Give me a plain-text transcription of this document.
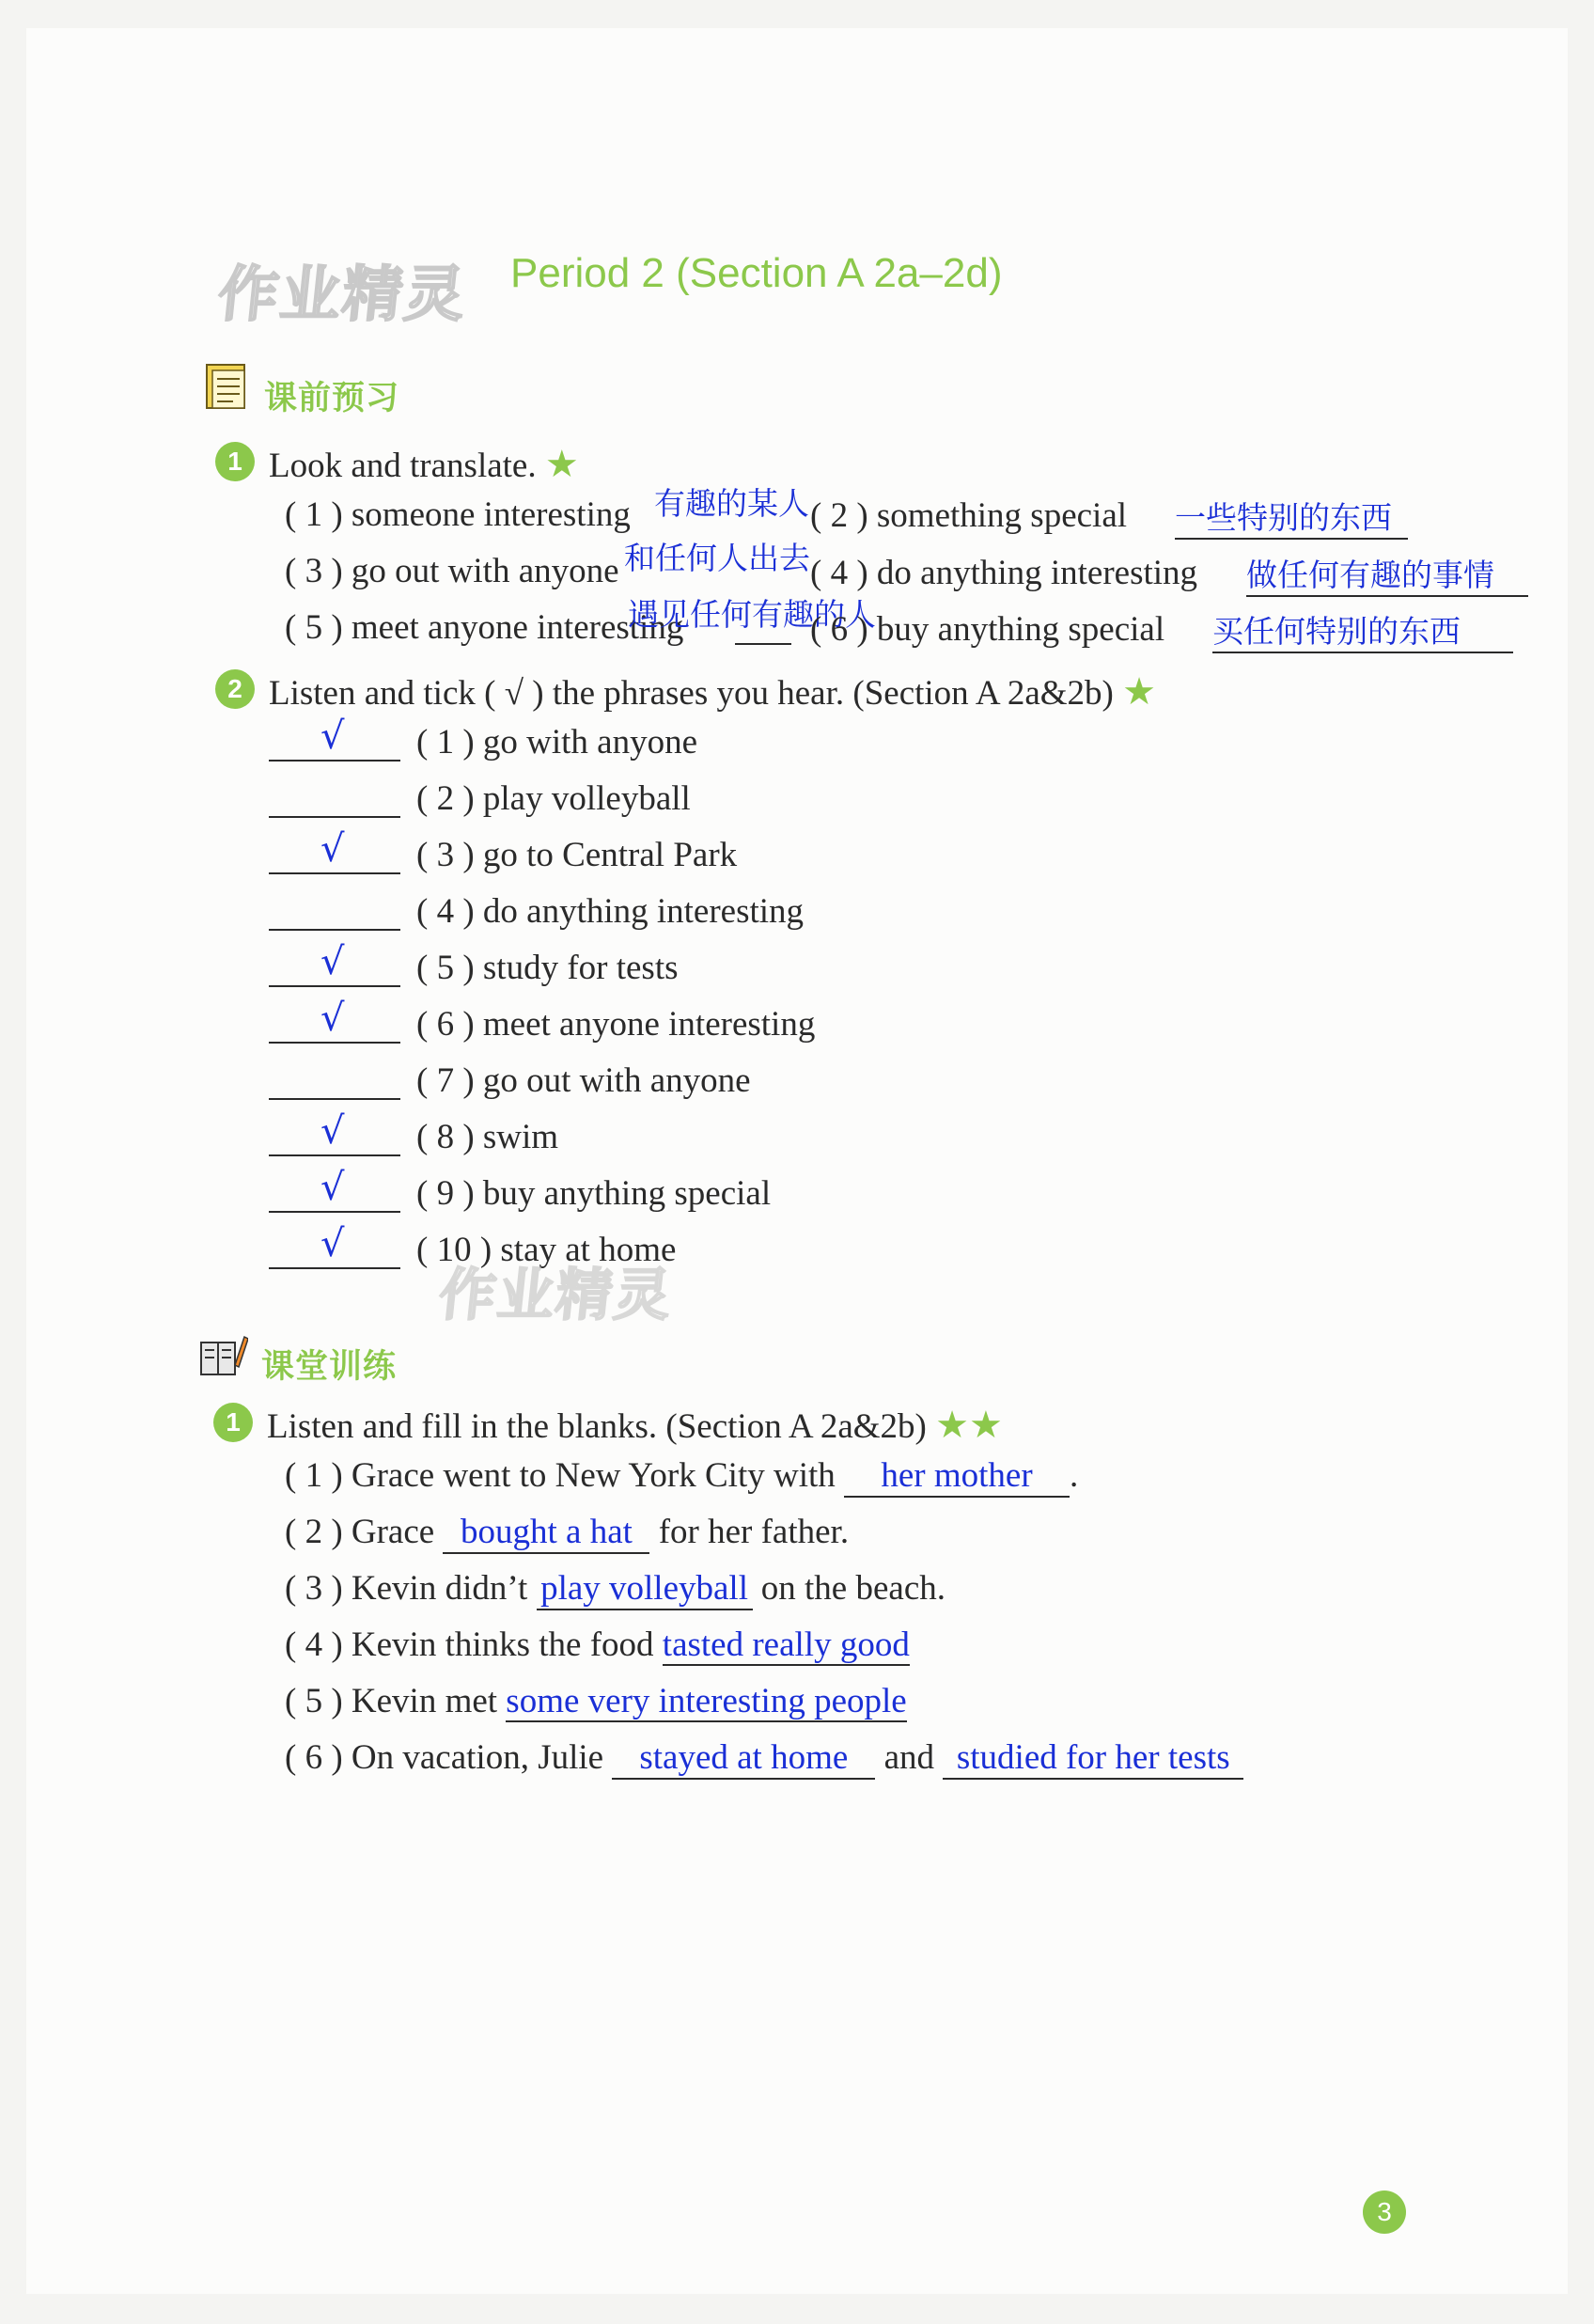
作业精灵 Period 2 (Section A 2a–2d)
课前预习
1 Look and translate. ★
( 1 ) someone interesting 有趣的某人 ( 2 ) something special 一些特别的东西
( 3 ) go out with anyone 和任何人出去 ( 4 ) do anything interesting 做任何有趣的事情
( 5 ) meet anyone interesting
遇见任何有趣的人
( 6 ) buy anything special 买任何特别的东西
2 Listen and tick ( √ ) the phrases you hear. (Section A 2a&2b) ★
√ ( 1 ) go with anyone
( 2 ) play volleyball
√ ( 3 ) go to Central Park
( 4 ) do anything interesting
√ ( 5 ) study for tests
√ ( 6 ) meet anyone interesting
( 7 ) go out with anyone
√ ( 8 ) swim
√ ( 9 ) buy anything special
√ ( 10 ) stay at home
作业精灵
课堂训练
1 Listen and fill in the blanks. (Section A 2a&2b) ★★
( 1 ) Grace went to New York City with her mother .
( 2 ) Grace bought a hat for her father.
( 3 ) Kevin didn’t play volleyball on the beach.
( 4 ) Kevin thinks the food tasted really good
( 5 ) Kevin met some very interesting people
( 6 ) On vacation, Julie stayed at home and studied for her tests
3
